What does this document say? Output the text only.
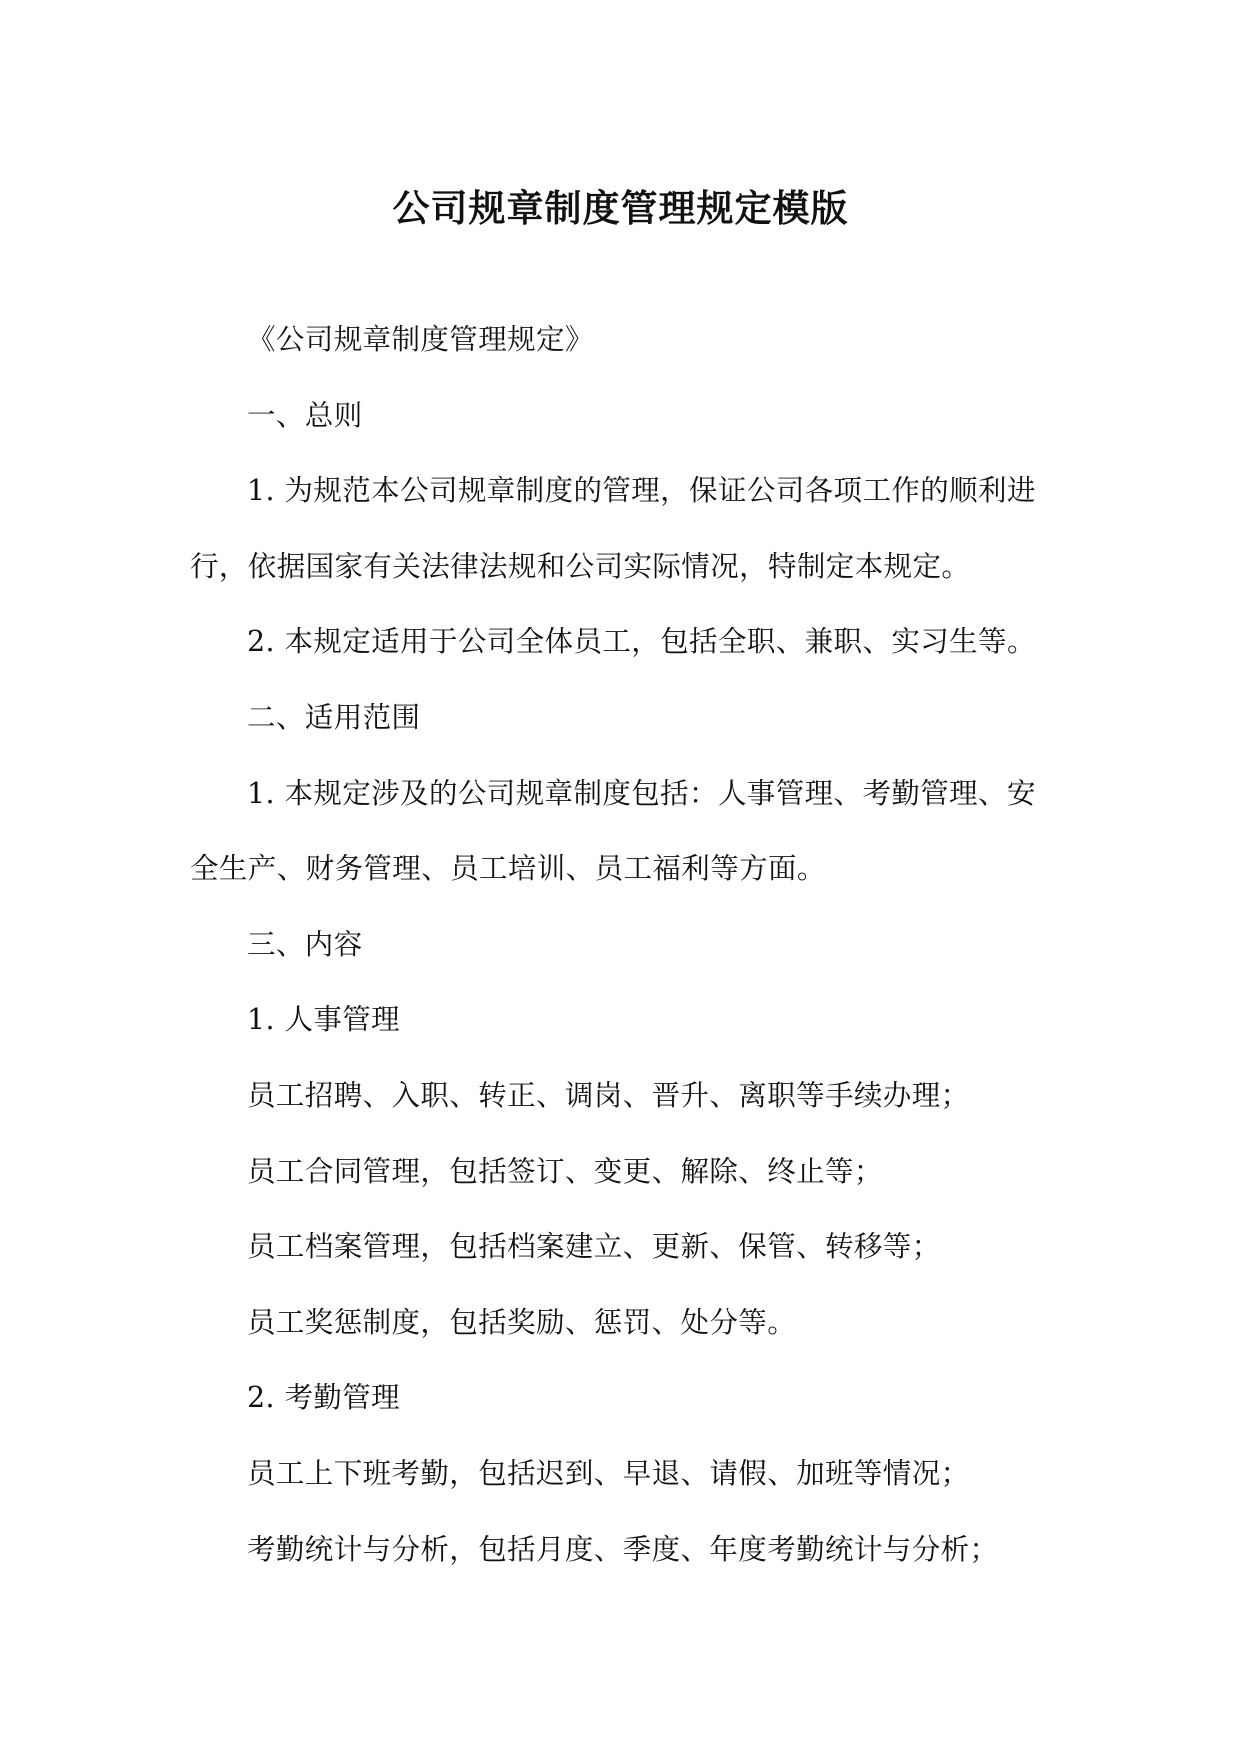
公司规章制度管理规定模版

《公司规章制度管理规定》

一、总则

1. 为规范本公司规章制度的管理，保证公司各项工作的顺利进行，依据国家有关法律法规和公司实际情况，特制定本规定。

2. 本规定适用于公司全体员工，包括全职、兼职、实习生等。

二、适用范围

1. 本规定涉及的公司规章制度包括：人事管理、考勤管理、安全生产、财务管理、员工培训、员工福利等方面。

三、内容

1. 人事管理

员工招聘、入职、转正、调岗、晋升、离职等手续办理；

员工合同管理，包括签订、变更、解除、终止等；

员工档案管理，包括档案建立、更新、保管、转移等；

员工奖惩制度，包括奖励、惩罚、处分等。

2. 考勤管理

员工上下班考勤，包括迟到、早退、请假、加班等情况；

考勤统计与分析，包括月度、季度、年度考勤统计与分析；
